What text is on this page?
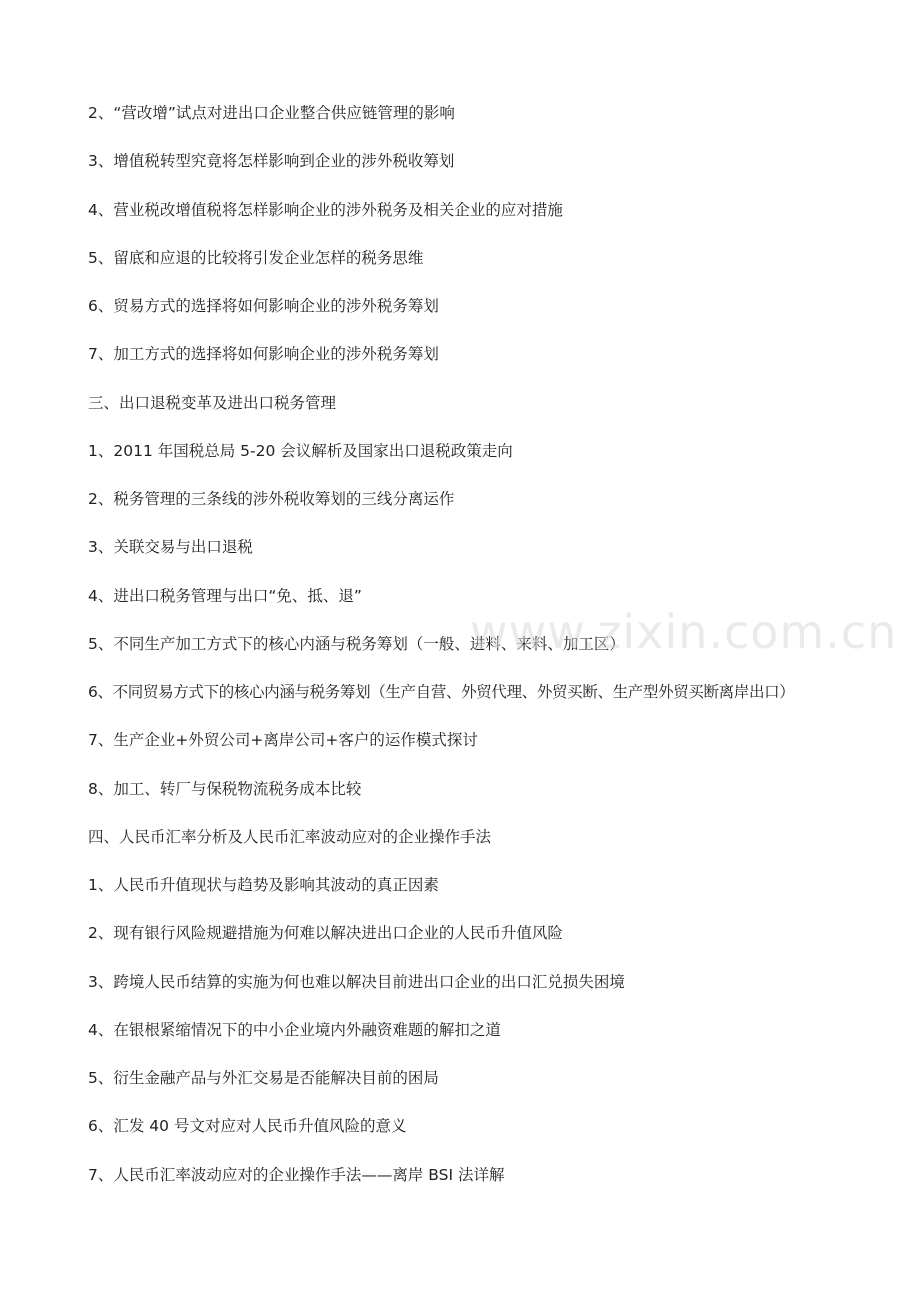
2、“营改增”试点对进出口企业整合供应链管理的影响
3、增值税转型究竟将怎样影响到企业的涉外税收筹划
4、营业税改增值税将怎样影响企业的涉外税务及相关企业的应对措施
5、留底和应退的比较将引发企业怎样的税务思维
6、贸易方式的选择将如何影响企业的涉外税务筹划
7、加工方式的选择将如何影响企业的涉外税务筹划
三、出口退税变革及进出口税务管理
1、2011 年国税总局 5-20 会议解析及国家出口退税政策走向
2、税务管理的三条线的涉外税收筹划的三线分离运作
3、关联交易与出口退税
4、进出口税务管理与出口“免、抵、退”
5、不同生产加工方式下的核心内涵与税务筹划（一般、进料、来料、加工区）
6、不同贸易方式下的核心内涵与税务筹划（生产自营、外贸代理、外贸买断、生产型外贸买断离岸出口）
7、生产企业+外贸公司+离岸公司+客户的运作模式探讨
8、加工、转厂与保税物流税务成本比较
四、人民币汇率分析及人民币汇率波动应对的企业操作手法
1、人民币升值现状与趋势及影响其波动的真正因素
2、现有银行风险规避措施为何难以解决进出口企业的人民币升值风险
3、跨境人民币结算的实施为何也难以解决目前进出口企业的出口汇兑损失困境
4、在银根紧缩情况下的中小企业境内外融资难题的解扣之道
5、衍生金融产品与外汇交易是否能解决目前的困局
6、汇发 40 号文对应对人民币升值风险的意义
7、人民币汇率波动应对的企业操作手法——离岸 BSI 法详解
www.zixin.com.cn
